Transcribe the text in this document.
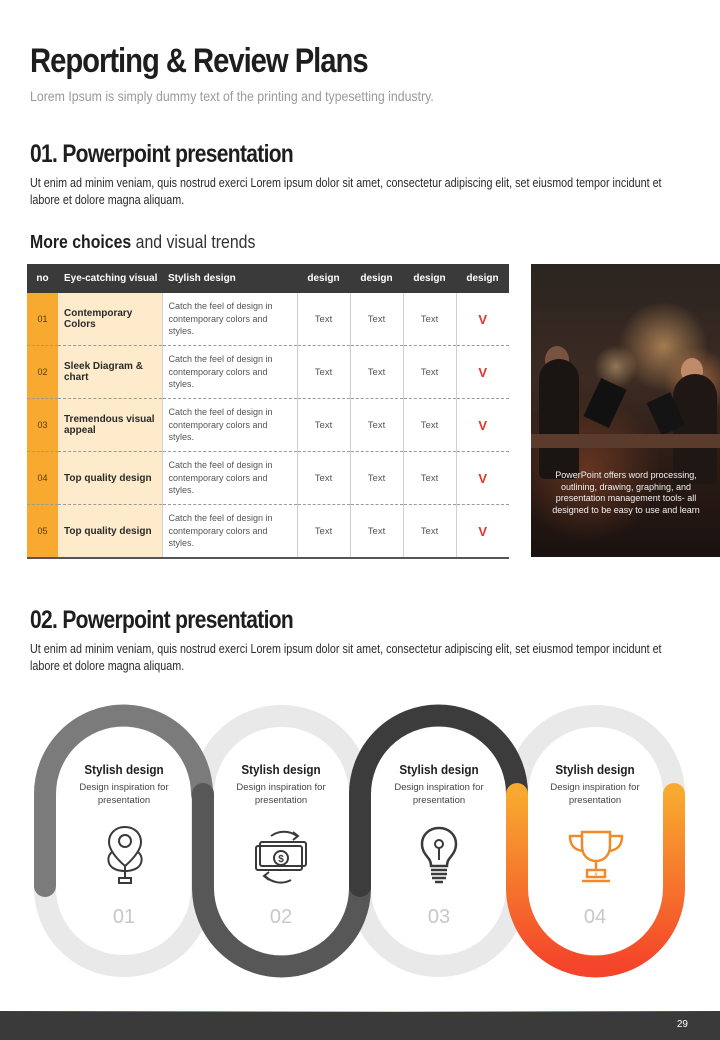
Reporting & Review Plans
Lorem Ipsum is simply dummy text of the printing and typesetting industry.
01. Powerpoint presentation
Ut enim ad minim veniam, quis nostrud exerci Lorem ipsum dolor sit amet, consectetur adipiscing elit, set eiusmod tempor incidunt et labore et dolore magna aliquam.
More choices and visual trends
no	Eye-catching visual	Stylish design	design	design	design	design
01	Contemporary Colors	Catch the feel of design in contemporary colors and styles.	Text	Text	Text	V
02	Sleek Diagram & chart	Catch the feel of design in contemporary colors and styles.	Text	Text	Text	V
03	Tremendous visual appeal	Catch the feel of design in contemporary colors and styles.	Text	Text	Text	V
04	Top quality design	Catch the feel of design in contemporary colors and styles.	Text	Text	Text	V
05	Top quality design	Catch the feel of design in contemporary colors and styles.	Text	Text	Text	V
PowerPoint offers word processing, outlining, drawing, graphing, and presentation management tools- all designed to be easy to use and learn
02. Powerpoint presentation
Ut enim ad minim veniam, quis nostrud exerci Lorem ipsum dolor sit amet, consectetur adipiscing elit, set eiusmod tempor incidunt et labore et dolore magna aliquam.
Stylish design
Design inspiration for presentation
Stylish design
Design inspiration for presentation
Stylish design
Design inspiration for presentation
Stylish design
Design inspiration for presentation
$
#
01	02	03	04
29
